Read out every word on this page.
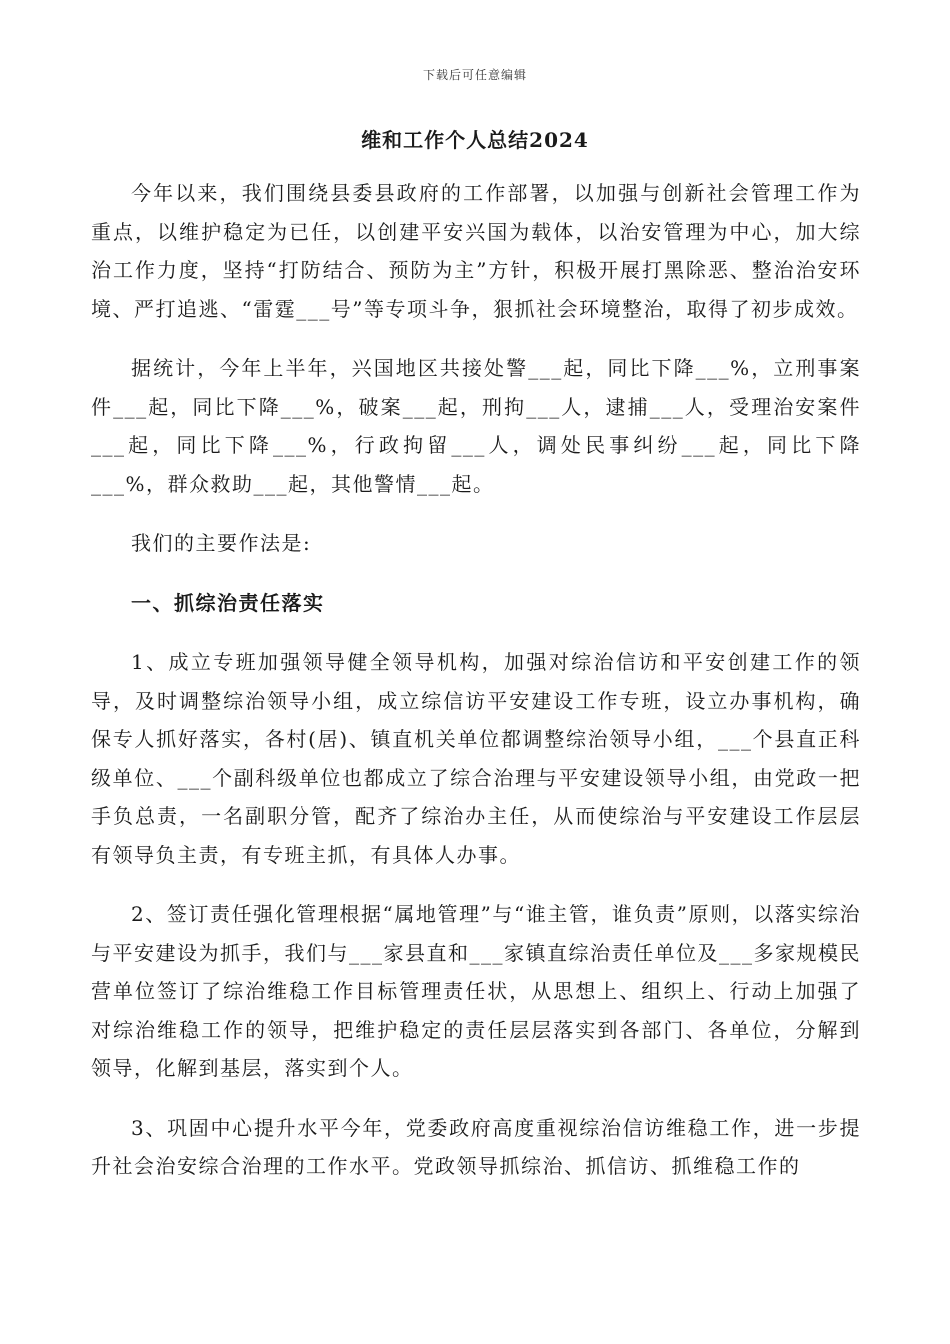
下载后可任意编辑
维和工作个人总结2024

今年以来，我们围绕县委县政府的工作部署，以加强与创新社会管理工作为重点，以维护稳定为已任，以创建平安兴国为载体，以治安管理为中心，加大综治工作力度，坚持“打防结合、预防为主”方针，积极开展打黑除恶、整治治安环境、严打追逃、“雷霆___号”等专项斗争，狠抓社会环境整治，取得了初步成效。

据统计，今年上半年，兴国地区共接处警___起，同比下降___%，立刑事案件___起，同比下降___%，破案___起，刑拘___人，逮捕___人，受理治安案件___起，同比下降___%，行政拘留___人，调处民事纠纷___起，同比下降___%，群众救助___起，其他警情___起。

我们的主要作法是:

一、抓综治责任落实

1、成立专班加强领导健全领导机构，加强对综治信访和平安创建工作的领导，及时调整综治领导小组，成立综信访平安建设工作专班，设立办事机构，确保专人抓好落实，各村(居)、镇直机关单位都调整综治领导小组，___个县直正科级单位、___个副科级单位也都成立了综合治理与平安建设领导小组，由党政一把手负总责，一名副职分管，配齐了综治办主任，从而使综治与平安建设工作层层有领导负主责，有专班主抓，有具体人办事。

2、签订责任强化管理根据“属地管理”与“谁主管，谁负责”原则，以落实综治与平安建设为抓手，我们与___家县直和___家镇直综治责任单位及___多家规模民营单位签订了综治维稳工作目标管理责任状，从思想上、组织上、行动上加强了对综治维稳工作的领导，把维护稳定的责任层层落实到各部门、各单位，分解到领导，化解到基层，落实到个人。

3、巩固中心提升水平今年，党委政府高度重视综治信访维稳工作，进一步提升社会治安综合治理的工作水平。党政领导抓综治、抓信访、抓维稳工作的
